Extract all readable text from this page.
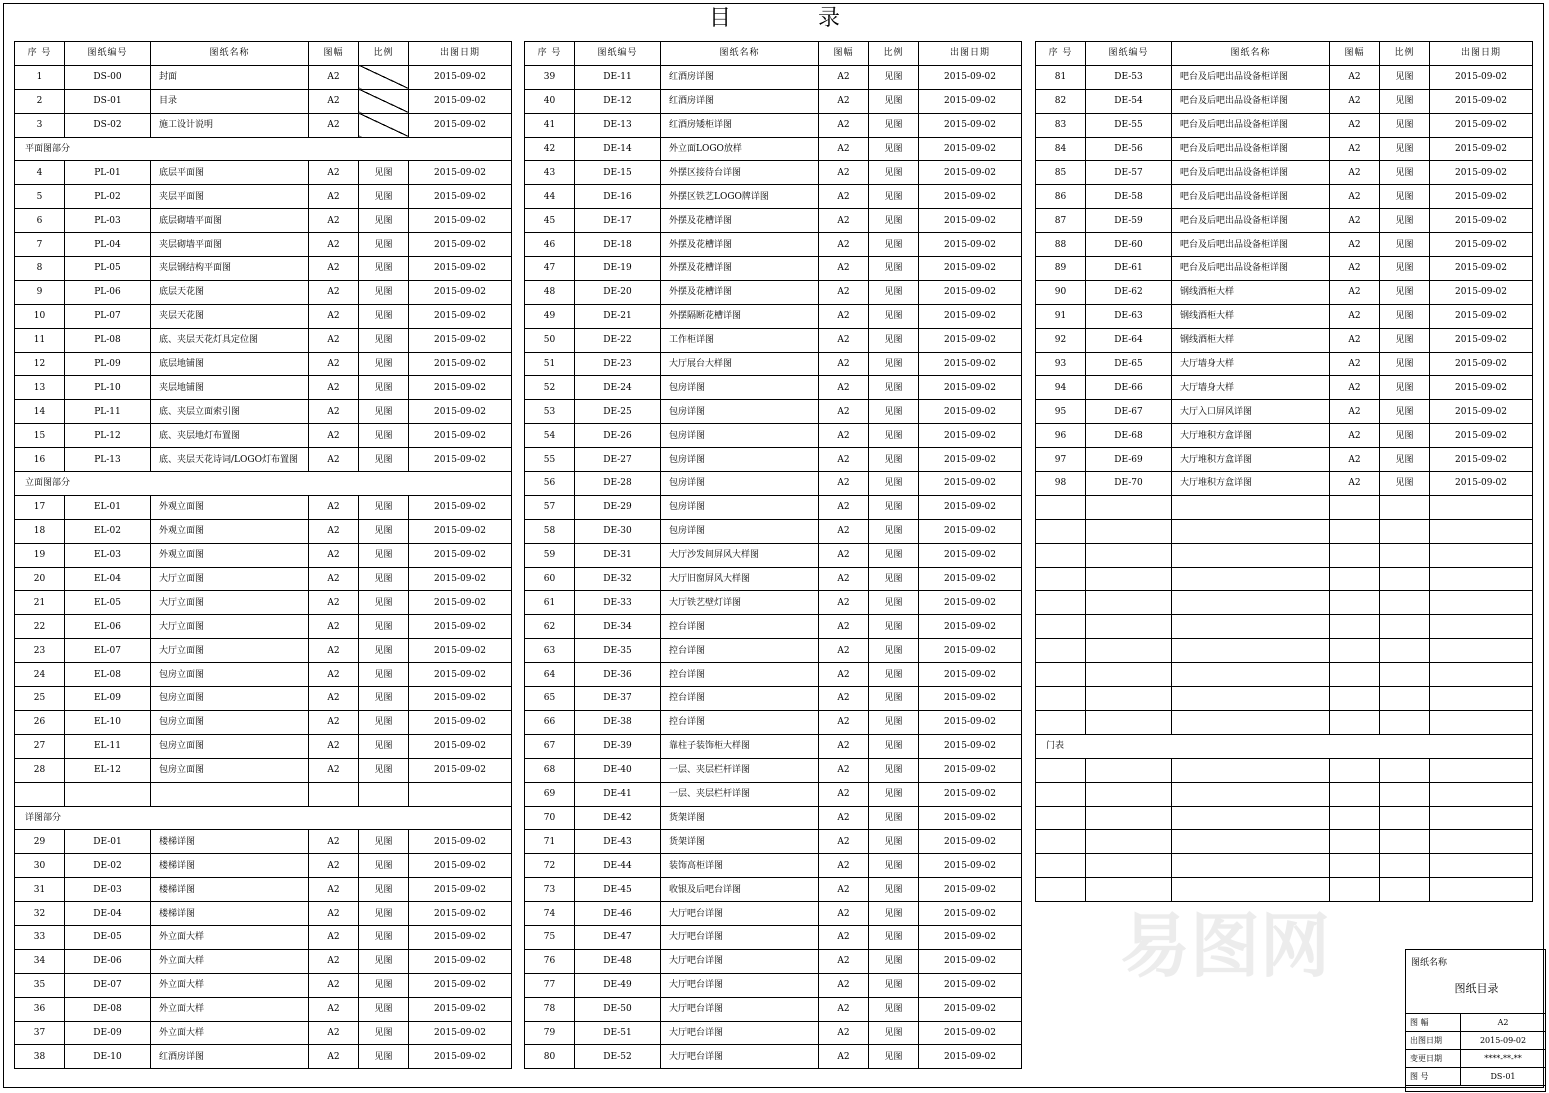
目 录
序 号	图纸编号	图纸名称	图幅	比例	出图日期
1	DS-00	封面	A2		2015-09-02
2	DS-01	目录	A2		2015-09-02
3	DS-02	施工设计说明	A2		2015-09-02
平面图部分					
4	PL-01	底层平面图	A2	见图	2015-09-02
5	PL-02	夹层平面图	A2	见图	2015-09-02
6	PL-03	底层砌墙平面图	A2	见图	2015-09-02
7	PL-04	夹层砌墙平面图	A2	见图	2015-09-02
8	PL-05	夹层钢结构平面图	A2	见图	2015-09-02
9	PL-06	底层天花图	A2	见图	2015-09-02
10	PL-07	夹层天花图	A2	见图	2015-09-02
11	PL-08	底、夹层天花灯具定位图	A2	见图	2015-09-02
12	PL-09	底层地铺图	A2	见图	2015-09-02
13	PL-10	夹层地铺图	A2	见图	2015-09-02
14	PL-11	底、夹层立面索引图	A2	见图	2015-09-02
15	PL-12	底、夹层地灯布置图	A2	见图	2015-09-02
16	PL-13	底、夹层天花诗词/LOGO灯布置图	A2	见图	2015-09-02
立面图部分					
17	EL-01	外观立面图	A2	见图	2015-09-02
18	EL-02	外观立面图	A2	见图	2015-09-02
19	EL-03	外观立面图	A2	见图	2015-09-02
20	EL-04	大厅立面图	A2	见图	2015-09-02
21	EL-05	大厅立面图	A2	见图	2015-09-02
22	EL-06	大厅立面图	A2	见图	2015-09-02
23	EL-07	大厅立面图	A2	见图	2015-09-02
24	EL-08	包房立面图	A2	见图	2015-09-02
25	EL-09	包房立面图	A2	见图	2015-09-02
26	EL-10	包房立面图	A2	见图	2015-09-02
27	EL-11	包房立面图	A2	见图	2015-09-02
28	EL-12	包房立面图	A2	见图	2015-09-02

详图部分					
29	DE-01	楼梯详图	A2	见图	2015-09-02
30	DE-02	楼梯详图	A2	见图	2015-09-02
31	DE-03	楼梯详图	A2	见图	2015-09-02
32	DE-04	楼梯详图	A2	见图	2015-09-02
33	DE-05	外立面大样	A2	见图	2015-09-02
34	DE-06	外立面大样	A2	见图	2015-09-02
35	DE-07	外立面大样	A2	见图	2015-09-02
36	DE-08	外立面大样	A2	见图	2015-09-02
37	DE-09	外立面大样	A2	见图	2015-09-02
38	DE-10	红酒房详图	A2	见图	2015-09-02
序 号	图纸编号	图纸名称	图幅	比例	出图日期
39	DE-11	红酒房详图	A2	见图	2015-09-02
40	DE-12	红酒房详图	A2	见图	2015-09-02
41	DE-13	红酒房矮柜详图	A2	见图	2015-09-02
42	DE-14	外立面LOGO放样	A2	见图	2015-09-02
43	DE-15	外摆区接待台详图	A2	见图	2015-09-02
44	DE-16	外摆区铁艺LOGO牌详图	A2	见图	2015-09-02
45	DE-17	外摆及花槽详图	A2	见图	2015-09-02
46	DE-18	外摆及花槽详图	A2	见图	2015-09-02
47	DE-19	外摆及花槽详图	A2	见图	2015-09-02
48	DE-20	外摆及花槽详图	A2	见图	2015-09-02
49	DE-21	外摆隔断花槽详图	A2	见图	2015-09-02
50	DE-22	工作柜详图	A2	见图	2015-09-02
51	DE-23	大厅展台大样图	A2	见图	2015-09-02
52	DE-24	包房详图	A2	见图	2015-09-02
53	DE-25	包房详图	A2	见图	2015-09-02
54	DE-26	包房详图	A2	见图	2015-09-02
55	DE-27	包房详图	A2	见图	2015-09-02
56	DE-28	包房详图	A2	见图	2015-09-02
57	DE-29	包房详图	A2	见图	2015-09-02
58	DE-30	包房详图	A2	见图	2015-09-02
59	DE-31	大厅沙发间屏风大样图	A2	见图	2015-09-02
60	DE-32	大厅旧窗屏风大样图	A2	见图	2015-09-02
61	DE-33	大厅铁艺壁灯详图	A2	见图	2015-09-02
62	DE-34	控台详图	A2	见图	2015-09-02
63	DE-35	控台详图	A2	见图	2015-09-02
64	DE-36	控台详图	A2	见图	2015-09-02
65	DE-37	控台详图	A2	见图	2015-09-02
66	DE-38	控台详图	A2	见图	2015-09-02
67	DE-39	靠柱子装饰柜大样图	A2	见图	2015-09-02
68	DE-40	一层、夹层栏杆详图	A2	见图	2015-09-02
69	DE-41	一层、夹层栏杆详图	A2	见图	2015-09-02
70	DE-42	货架详图	A2	见图	2015-09-02
71	DE-43	货架详图	A2	见图	2015-09-02
72	DE-44	装饰高柜详图	A2	见图	2015-09-02
73	DE-45	收银及后吧台详图	A2	见图	2015-09-02
74	DE-46	大厅吧台详图	A2	见图	2015-09-02
75	DE-47	大厅吧台详图	A2	见图	2015-09-02
76	DE-48	大厅吧台详图	A2	见图	2015-09-02
77	DE-49	大厅吧台详图	A2	见图	2015-09-02
78	DE-50	大厅吧台详图	A2	见图	2015-09-02
79	DE-51	大厅吧台详图	A2	见图	2015-09-02
80	DE-52	大厅吧台详图	A2	见图	2015-09-02
序 号	图纸编号	图纸名称	图幅	比例	出图日期
81	DE-53	吧台及后吧出品设备柜详图	A2	见图	2015-09-02
82	DE-54	吧台及后吧出品设备柜详图	A2	见图	2015-09-02
83	DE-55	吧台及后吧出品设备柜详图	A2	见图	2015-09-02
84	DE-56	吧台及后吧出品设备柜详图	A2	见图	2015-09-02
85	DE-57	吧台及后吧出品设备柜详图	A2	见图	2015-09-02
86	DE-58	吧台及后吧出品设备柜详图	A2	见图	2015-09-02
87	DE-59	吧台及后吧出品设备柜详图	A2	见图	2015-09-02
88	DE-60	吧台及后吧出品设备柜详图	A2	见图	2015-09-02
89	DE-61	吧台及后吧出品设备柜详图	A2	见图	2015-09-02
90	DE-62	钢线酒柜大样	A2	见图	2015-09-02
91	DE-63	钢线酒柜大样	A2	见图	2015-09-02
92	DE-64	钢线酒柜大样	A2	见图	2015-09-02
93	DE-65	大厅墙身大样	A2	见图	2015-09-02
94	DE-66	大厅墙身大样	A2	见图	2015-09-02
95	DE-67	大厅入口屏风详图	A2	见图	2015-09-02
96	DE-68	大厅堆积方盒详图	A2	见图	2015-09-02
97	DE-69	大厅堆积方盒详图	A2	见图	2015-09-02
98	DE-70	大厅堆积方盒详图	A2	见图	2015-09-02

门表					

图纸名称
图纸目录
图 幅	A2
出图日期	2015-09-02
变更日期	****-**-**
图 号	DS-01
易图网
